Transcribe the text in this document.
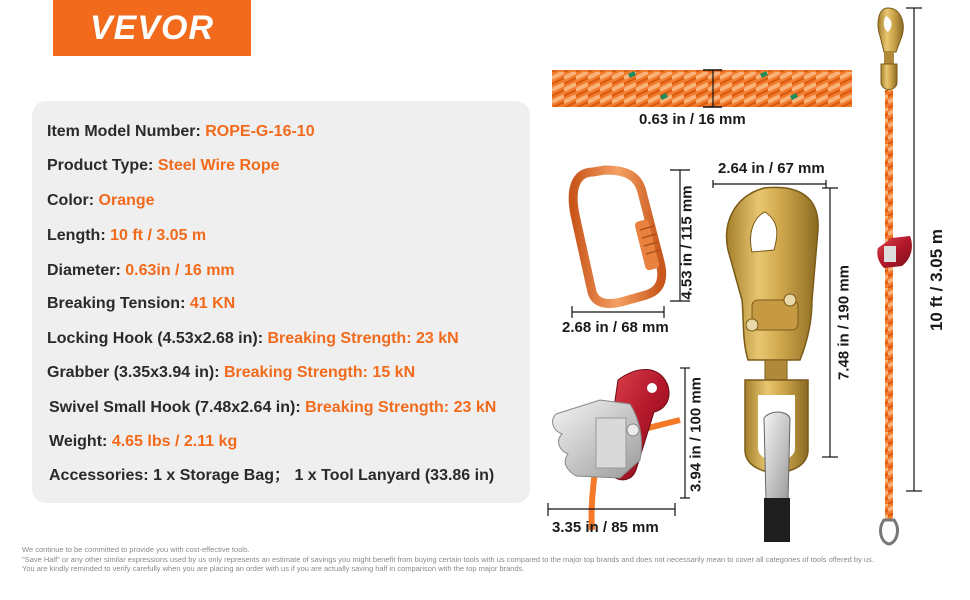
VEVOR
Item Model Number: ROPE-G-16-10
Product Type: Steel Wire Rope
Color: Orange
Length: 10 ft / 3.05 m
Diameter: 0.63in / 16 mm
Breaking Tension: 41 KN
Locking Hook (4.53x2.68 in): Breaking Strength: 23 kN
Grabber (3.35x3.94 in): Breaking Strength: 15 kN
Swivel Small Hook (7.48x2.64 in): Breaking Strength: 23 kN
Weight: 4.65 lbs / 2.11 kg
Accessories: 1 x Storage Bag； 1 x Tool Lanyard (33.86 in)
0.63 in / 16 mm
4.53 in / 115 mm
2.68 in / 68 mm
2.64 in / 67 mm
7.48 in / 190 mm
3.94 in / 100 mm
3.35 in / 85 mm
10 ft / 3.05 m
We continue to be committed to provide you with cost-effective tools.
"Save Half" or any other similar expressions used by us only represents an estimate of savings you might benefit from buying certain tools with us compared to the major top brands and does not necessarily mean to cover all categories of tools offered by us.
You are kindly reminded to verify carefully when you are placing an order with us if you are actually saving half in comparison with the top major brands.
